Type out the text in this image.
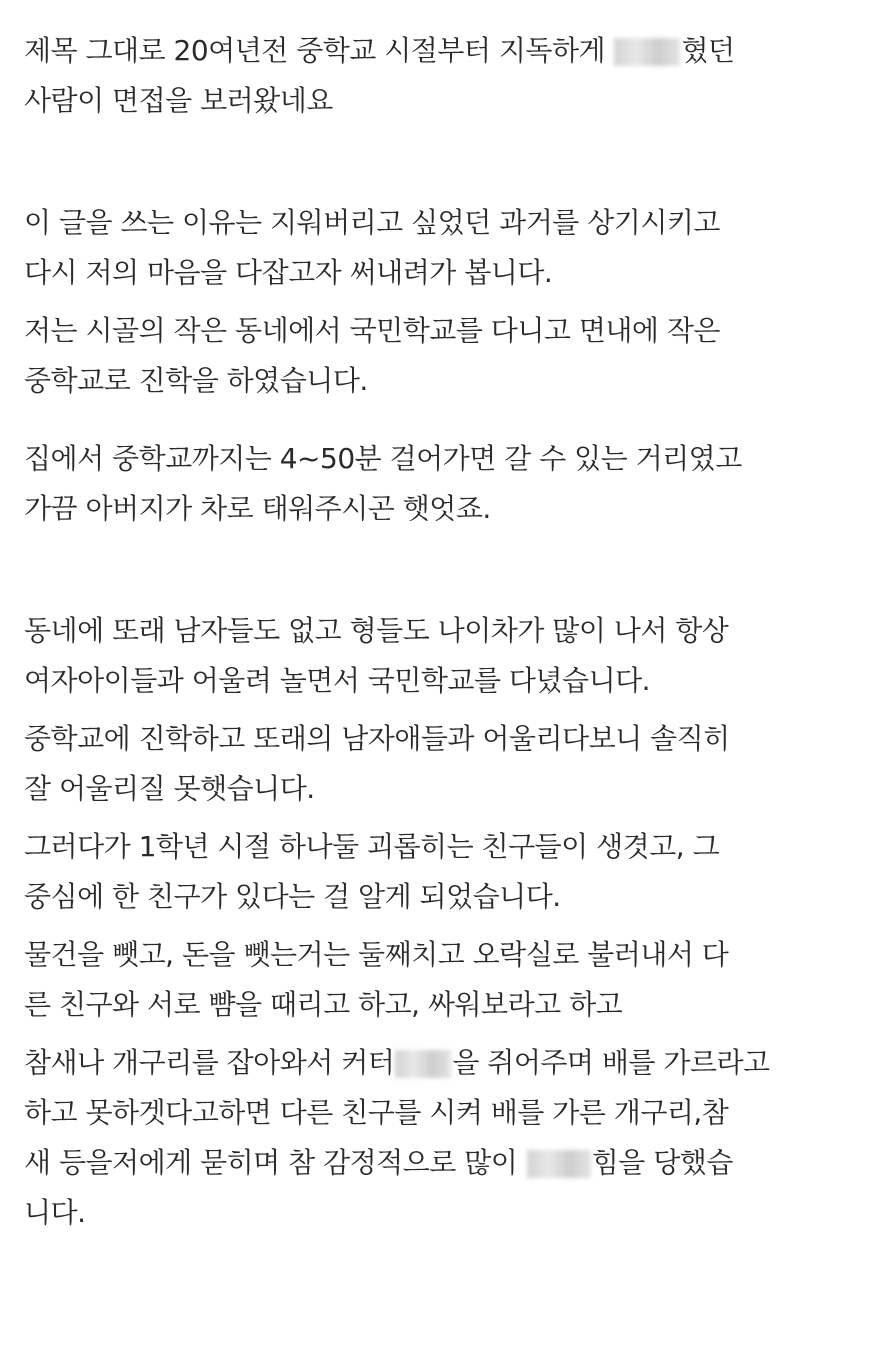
제목 그대로 20여년전 중학교 시절부터 지독하게 혔던
사람이 면접을 보러왔네요
이 글을 쓰는 이유는 지워버리고 싶었던 과거를 상기시키고
다시 저의 마음을 다잡고자 써내려가 봅니다.
저는 시골의 작은 동네에서 국민학교를 다니고 면내에 작은
중학교로 진학을 하였습니다.
집에서 중학교까지는 4~50분 걸어가면 갈 수 있는 거리였고
가끔 아버지가 차로 태워주시곤 햇엇죠.
동네에 또래 남자들도 없고 형들도 나이차가 많이 나서 항상
여자아이들과 어울려 놀면서 국민학교를 다녔습니다.
중학교에 진학하고 또래의 남자애들과 어울리다보니 솔직히
잘 어울리질 못햇습니다.
그러다가 1학년 시절 하나둘 괴롭히는 친구들이 생겻고, 그
중심에 한 친구가 있다는 걸 알게 되었습니다.
물건을 뺏고, 돈을 뺏는거는 둘째치고 오락실로 불러내서 다
른 친구와 서로 뺨을 때리고 하고, 싸워보라고 하고
참새나 개구리를 잡아와서 커터 을 쥐어주며 배를 가르라고
하고 못하겟다고하면 다른 친구를 시켜 배를 가른 개구리,참
새 등을저에게 묻히며 참 감정적으로 많이 힘을 당했습
니다.
